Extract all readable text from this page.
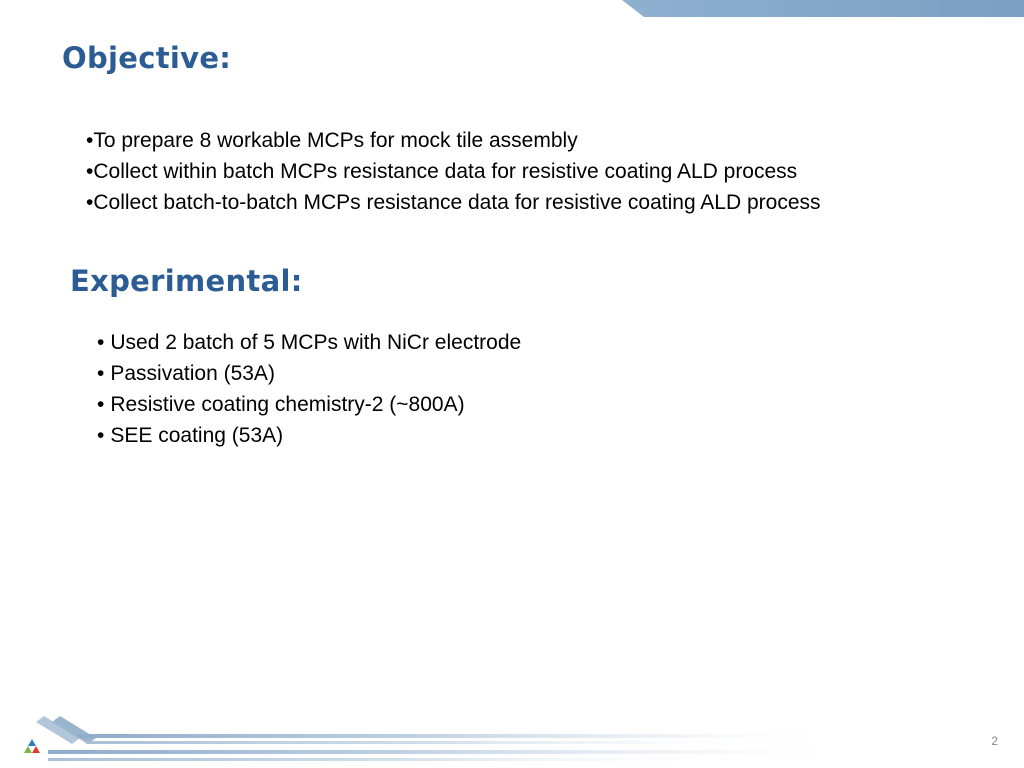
Objective:
•To prepare 8 workable MCPs for mock tile assembly
•Collect within batch MCPs resistance data for resistive coating ALD process
•Collect batch-to-batch MCPs resistance data for resistive coating ALD process
Experimental:
• Used 2 batch of 5 MCPs with NiCr electrode
• Passivation (53A)
• Resistive coating chemistry-2 (~800A)
• SEE coating (53A)
2
